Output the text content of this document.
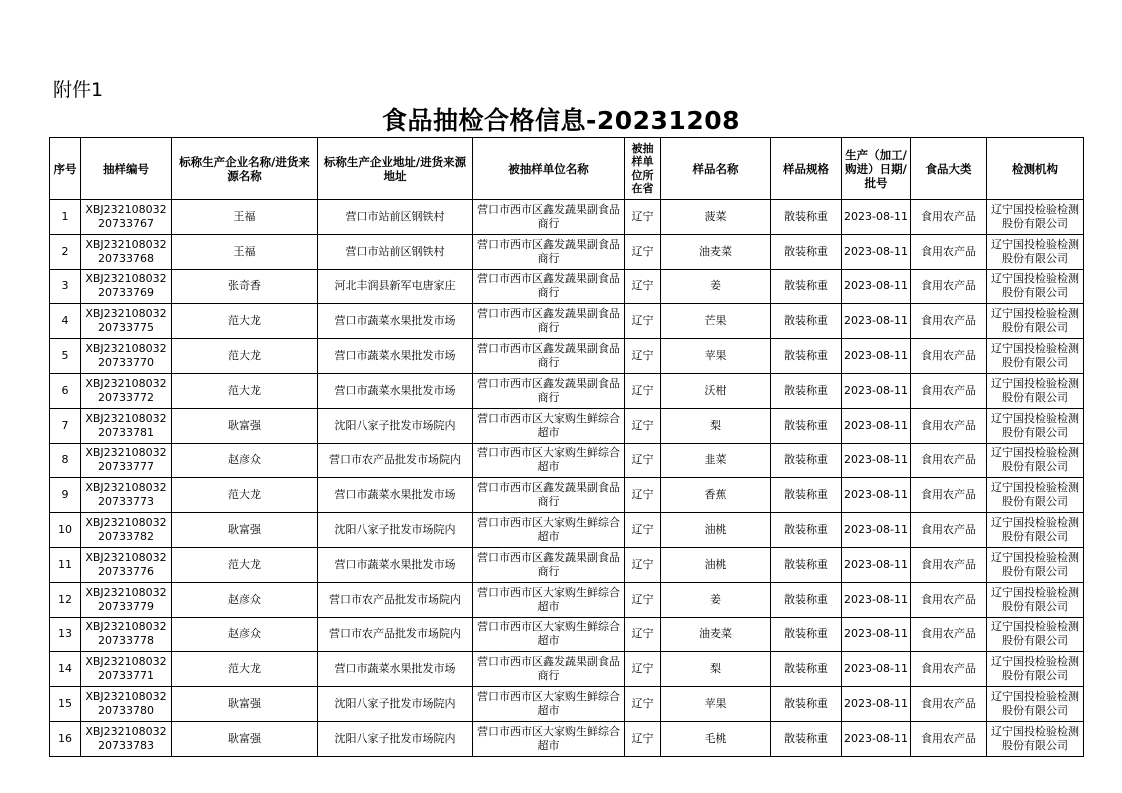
附件1
食品抽检合格信息-20231208
序号	抽样编号	标称生产企业名称/进货来源名称	标称生产企业地址/进货来源地址	被抽样单位名称	被抽样单位所在省	样品名称	样品规格	生产（加工/购进）日期/批号	食品大类	检测机构
1	XBJ23210803220733767	王福	营口市站前区钢铁村	营口市西市区鑫发蔬果副食品商行	辽宁	菠菜	散装称重	2023-08-11	食用农产品	辽宁国投检验检测股份有限公司
2	XBJ23210803220733768	王福	营口市站前区钢铁村	营口市西市区鑫发蔬果副食品商行	辽宁	油麦菜	散装称重	2023-08-11	食用农产品	辽宁国投检验检测股份有限公司
3	XBJ23210803220733769	张奇香	河北丰润县新军屯唐家庄	营口市西市区鑫发蔬果副食品商行	辽宁	姜	散装称重	2023-08-11	食用农产品	辽宁国投检验检测股份有限公司
4	XBJ23210803220733775	范大龙	营口市蔬菜水果批发市场	营口市西市区鑫发蔬果副食品商行	辽宁	芒果	散装称重	2023-08-11	食用农产品	辽宁国投检验检测股份有限公司
5	XBJ23210803220733770	范大龙	营口市蔬菜水果批发市场	营口市西市区鑫发蔬果副食品商行	辽宁	苹果	散装称重	2023-08-11	食用农产品	辽宁国投检验检测股份有限公司
6	XBJ23210803220733772	范大龙	营口市蔬菜水果批发市场	营口市西市区鑫发蔬果副食品商行	辽宁	沃柑	散装称重	2023-08-11	食用农产品	辽宁国投检验检测股份有限公司
7	XBJ23210803220733781	耿富强	沈阳八家子批发市场院内	营口市西市区大家购生鲜综合超市	辽宁	梨	散装称重	2023-08-11	食用农产品	辽宁国投检验检测股份有限公司
8	XBJ23210803220733777	赵彦众	营口市农产品批发市场院内	营口市西市区大家购生鲜综合超市	辽宁	韭菜	散装称重	2023-08-11	食用农产品	辽宁国投检验检测股份有限公司
9	XBJ23210803220733773	范大龙	营口市蔬菜水果批发市场	营口市西市区鑫发蔬果副食品商行	辽宁	香蕉	散装称重	2023-08-11	食用农产品	辽宁国投检验检测股份有限公司
10	XBJ23210803220733782	耿富强	沈阳八家子批发市场院内	营口市西市区大家购生鲜综合超市	辽宁	油桃	散装称重	2023-08-11	食用农产品	辽宁国投检验检测股份有限公司
11	XBJ23210803220733776	范大龙	营口市蔬菜水果批发市场	营口市西市区鑫发蔬果副食品商行	辽宁	油桃	散装称重	2023-08-11	食用农产品	辽宁国投检验检测股份有限公司
12	XBJ23210803220733779	赵彦众	营口市农产品批发市场院内	营口市西市区大家购生鲜综合超市	辽宁	姜	散装称重	2023-08-11	食用农产品	辽宁国投检验检测股份有限公司
13	XBJ23210803220733778	赵彦众	营口市农产品批发市场院内	营口市西市区大家购生鲜综合超市	辽宁	油麦菜	散装称重	2023-08-11	食用农产品	辽宁国投检验检测股份有限公司
14	XBJ23210803220733771	范大龙	营口市蔬菜水果批发市场	营口市西市区鑫发蔬果副食品商行	辽宁	梨	散装称重	2023-08-11	食用农产品	辽宁国投检验检测股份有限公司
15	XBJ23210803220733780	耿富强	沈阳八家子批发市场院内	营口市西市区大家购生鲜综合超市	辽宁	苹果	散装称重	2023-08-11	食用农产品	辽宁国投检验检测股份有限公司
16	XBJ23210803220733783	耿富强	沈阳八家子批发市场院内	营口市西市区大家购生鲜综合超市	辽宁	毛桃	散装称重	2023-08-11	食用农产品	辽宁国投检验检测股份有限公司
